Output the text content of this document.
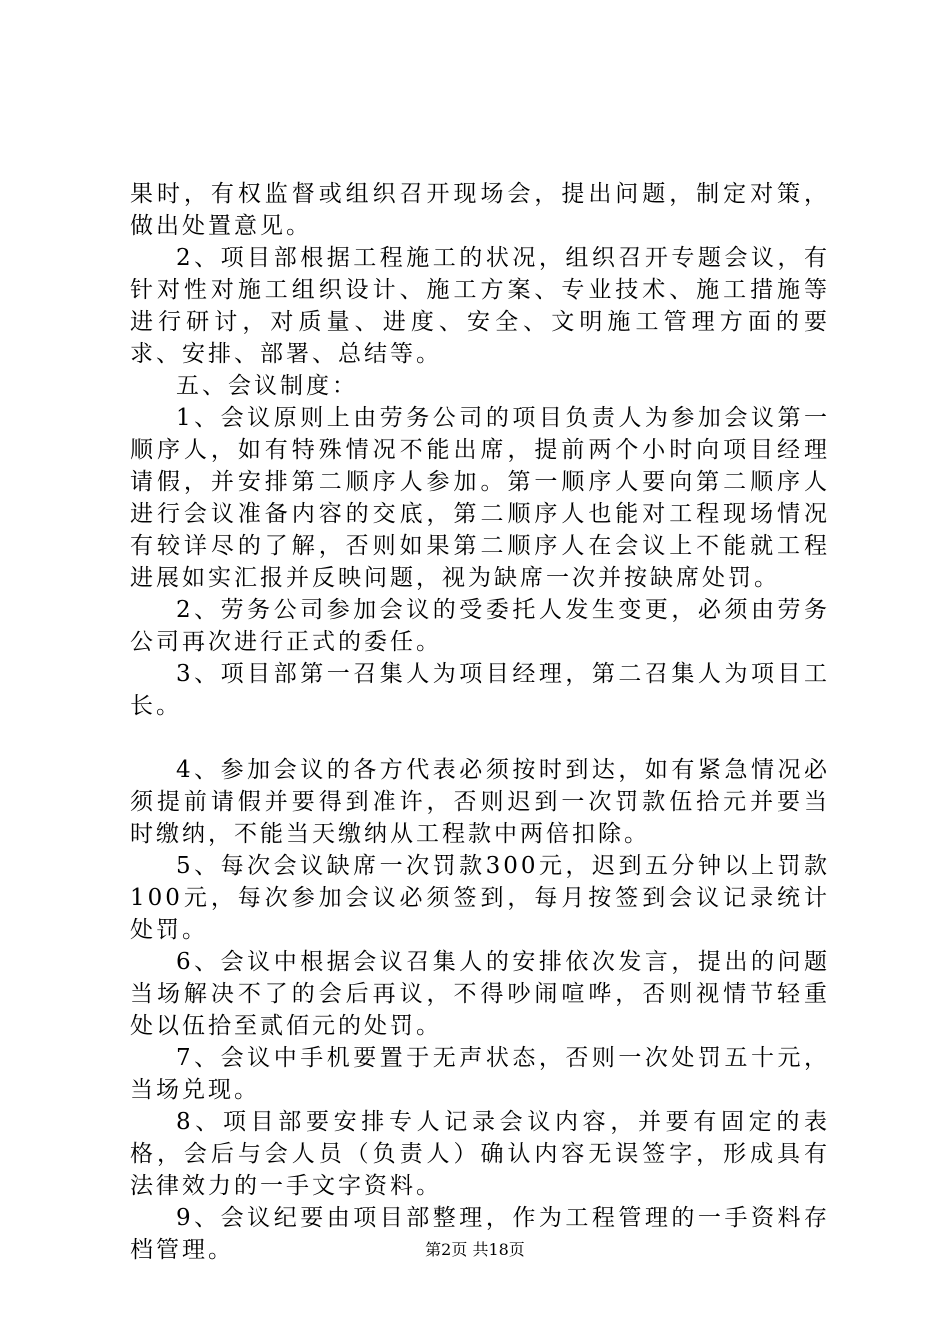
果时，有权监督或组织召开现场会，提出问题，制定对策，做出处置意见。

2、项目部根据工程施工的状况，组织召开专题会议，有针对性对施工组织设计、施工方案、专业技术、施工措施等进行研讨，对质量、进度、安全、文明施工管理方面的要求、安排、部署、总结等。

五、会议制度：

1、会议原则上由劳务公司的项目负责人为参加会议第一顺序人，如有特殊情况不能出席，提前两个小时向项目经理请假，并安排第二顺序人参加。第一顺序人要向第二顺序人进行会议准备内容的交底，第二顺序人也能对工程现场情况有较详尽的了解，否则如果第二顺序人在会议上不能就工程进展如实汇报并反映问题，视为缺席一次并按缺席处罚。

2、劳务公司参加会议的受委托人发生变更，必须由劳务公司再次进行正式的委任。

3、项目部第一召集人为项目经理，第二召集人为项目工长。

4、参加会议的各方代表必须按时到达，如有紧急情况必须提前请假并要得到准许，否则迟到一次罚款伍拾元并要当时缴纳，不能当天缴纳从工程款中两倍扣除。

5、每次会议缺席一次罚款300元，迟到五分钟以上罚款100元，每次参加会议必须签到，每月按签到会议记录统计处罚。

6、会议中根据会议召集人的安排依次发言，提出的问题当场解决不了的会后再议，不得吵闹喧哗，否则视情节轻重处以伍拾至贰佰元的处罚。

7、会议中手机要置于无声状态，否则一次处罚五十元，当场兑现。

8、项目部要安排专人记录会议内容，并要有固定的表格，会后与会人员（负责人）确认内容无误签字，形成具有法律效力的一手文字资料。

9、会议纪要由项目部整理，作为工程管理的一手资料存档管理。	第2页 共18页
